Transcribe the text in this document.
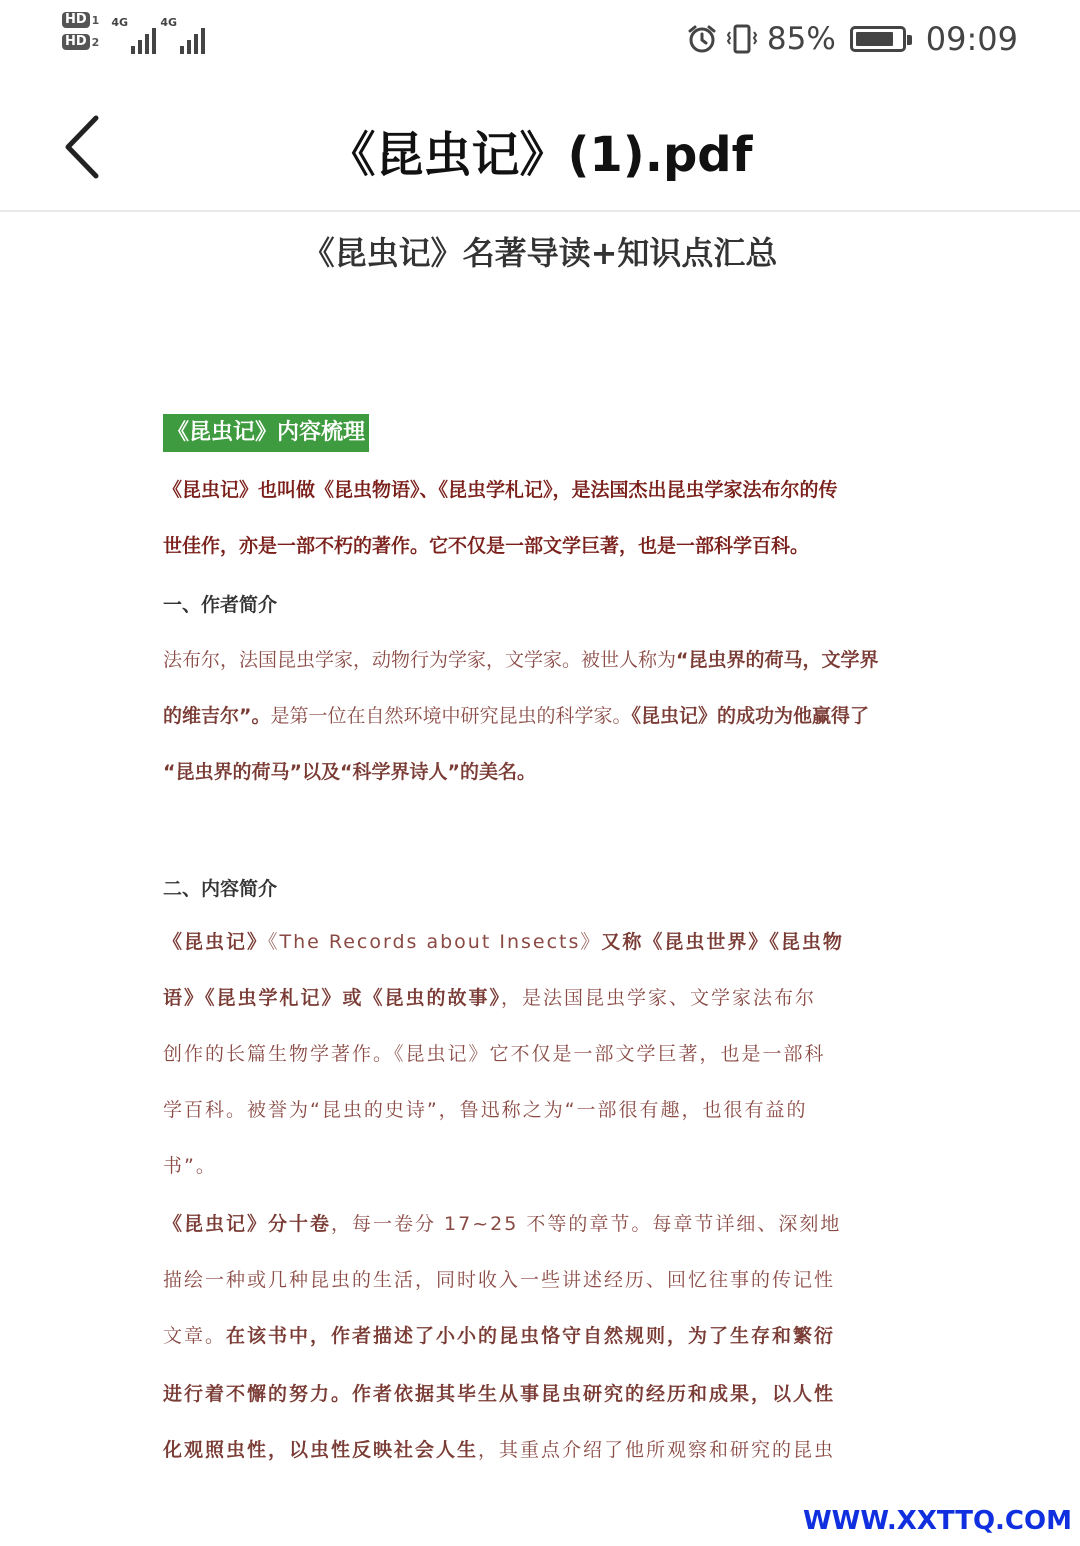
HD 1
HD 2
4G	4G	85%	09:09
《昆虫记》(1).pdf
《昆虫记》名著导读+知识点汇总
《昆虫记》内容梳理
《昆虫记》也叫做《昆虫物语》、《昆虫学札记》，是法国杰出昆虫学家法布尔的传
世佳作，亦是一部不朽的著作。它不仅是一部文学巨著，也是一部科学百科。
一、作者简介
法布尔，法国昆虫学家，动物行为学家，文学家。被世人称为“昆虫界的荷马，文学界
的维吉尔”。是第一位在自然环境中研究昆虫的科学家。《昆虫记》的成功为他赢得了
“昆虫界的荷马”以及“科学界诗人”的美名。
二、内容简介
《昆虫记》《The Records about Insects》又称《昆虫世界》《昆虫物
语》《昆虫学札记》或《昆虫的故事》，是法国昆虫学家、文学家法布尔
创作的长篇生物学著作。《昆虫记》它不仅是一部文学巨著，也是一部科
学百科。被誉为“昆虫的史诗”，鲁迅称之为“一部很有趣，也很有益的
书”。
《昆虫记》分十卷，每一卷分 17~25 不等的章节。每章节详细、深刻地
描绘一种或几种昆虫的生活，同时收入一些讲述经历、回忆往事的传记性
文章。在该书中，作者描述了小小的昆虫恪守自然规则，为了生存和繁衍
进行着不懈的努力。作者依据其毕生从事昆虫研究的经历和成果，以人性
化观照虫性，以虫性反映社会人生，其重点介绍了他所观察和研究的昆虫
WWW.XXTTQ.COM
